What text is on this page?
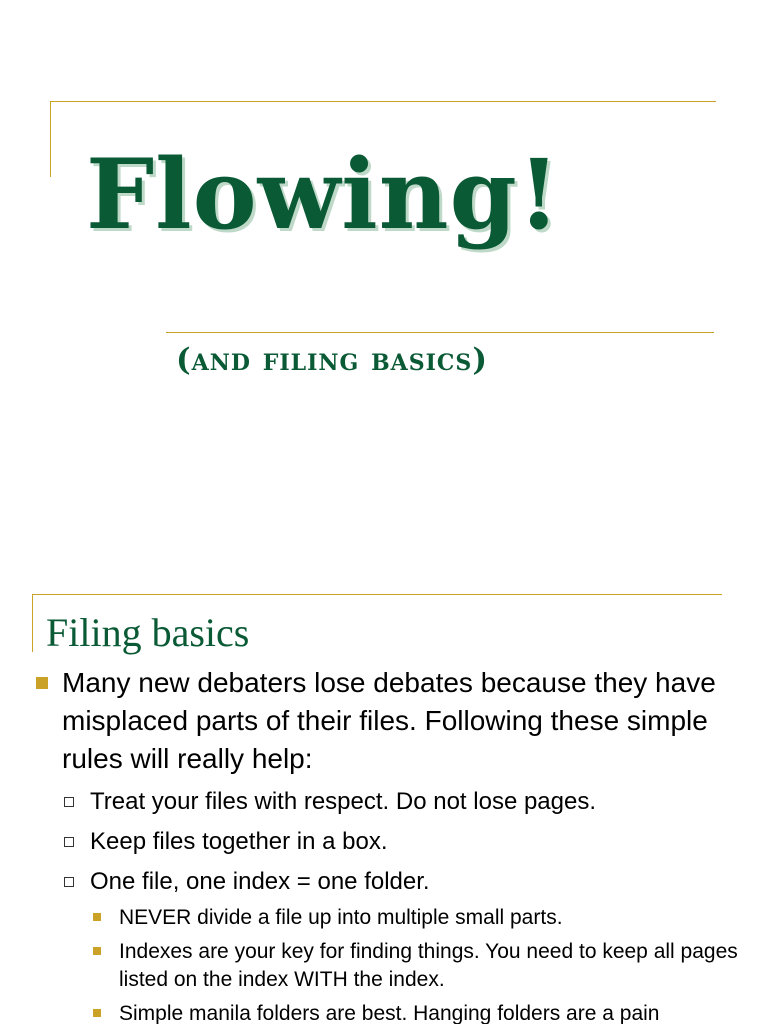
Flowing!
(and filing basics)
Filing basics
Many new debaters lose debates because they have misplaced parts of their files. Following these simple rules will really help:
Treat your files with respect. Do not lose pages.
Keep files together in a box.
One file, one index = one folder.
NEVER divide a file up into multiple small parts.
Indexes are your key for finding things. You need to keep all pages listed on the index WITH the index.
Simple manila folders are best. Hanging folders are a pain
